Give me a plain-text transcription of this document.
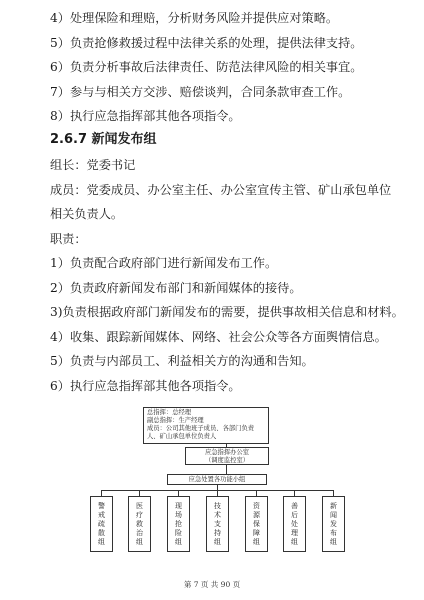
4）处理保险和理赔，分析财务风险并提供应对策略。
5）负责抢修救援过程中法律关系的处理，提供法律支持。
6）负责分析事故后法律责任、防范法律风险的相关事宜。
7）参与与相关方交涉、赔偿谈判，合同条款审查工作。
8）执行应急指挥部其他各项指令。
2.6.7 新闻发布组
组长：党委书记
成员：党委成员、办公室主任、办公室宣传主管、矿山承包单位
相关负责人。
职责：
1）负责配合政府部门进行新闻发布工作。
2）负责政府新闻发布部门和新闻媒体的接待。
3)负责根据政府部门新闻发布的需要，提供事故相关信息和材料。
4）收集、跟踪新闻媒体、网络、社会公众等各方面舆情信息。
5）负责与内部员工、利益相关方的沟通和告知。
6）执行应急指挥部其他各项指令。
总指挥：总经理
副总指挥：生产经理
成员：公司其他班子成员、各部门负责
人、矿山承包单位负责人
应急指挥办公室
（调度监控室）
应急处置各功能小组
警戒疏散组	医疗救治组	现场抢险组	技术支持组	资源保障组	善后处理组	新闻发布组
第 7 页 共 90 页
